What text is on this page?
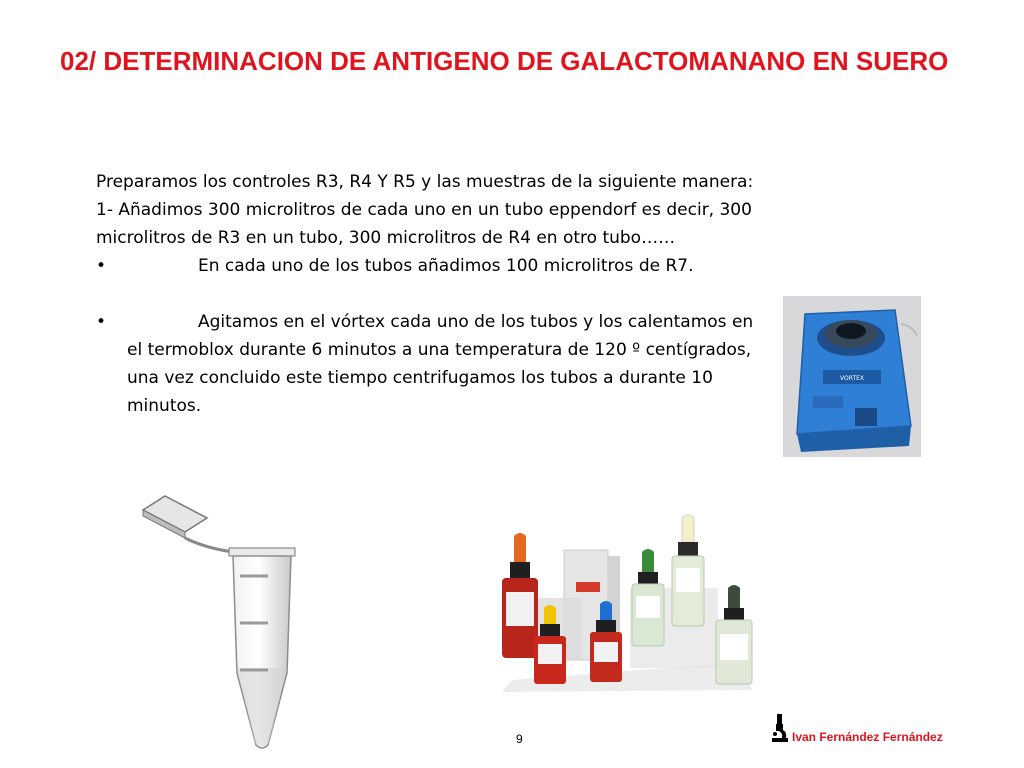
02/ DETERMINACION DE ANTIGENO DE GALACTOMANANO EN SUERO

Preparamos los controles R3, R4 Y R5 y las muestras de la siguiente manera:

1- Añadimos 300 microlitros de cada uno en un tubo eppendorf es decir, 300 microlitros de R3 en un tubo, 300 microlitros de R4 en otro tubo……

•	En cada uno de los tubos añadimos 100 microlitros de R7.

•	Agitamos en el vórtex cada uno de los tubos y los calentamos en el termoblox durante 6 minutos a una temperatura de 120 º centígrados, una vez concluido este tiempo centrifugamos los tubos a durante 10 minutos.

VORTEX
9	Ivan Fernández Fernández
